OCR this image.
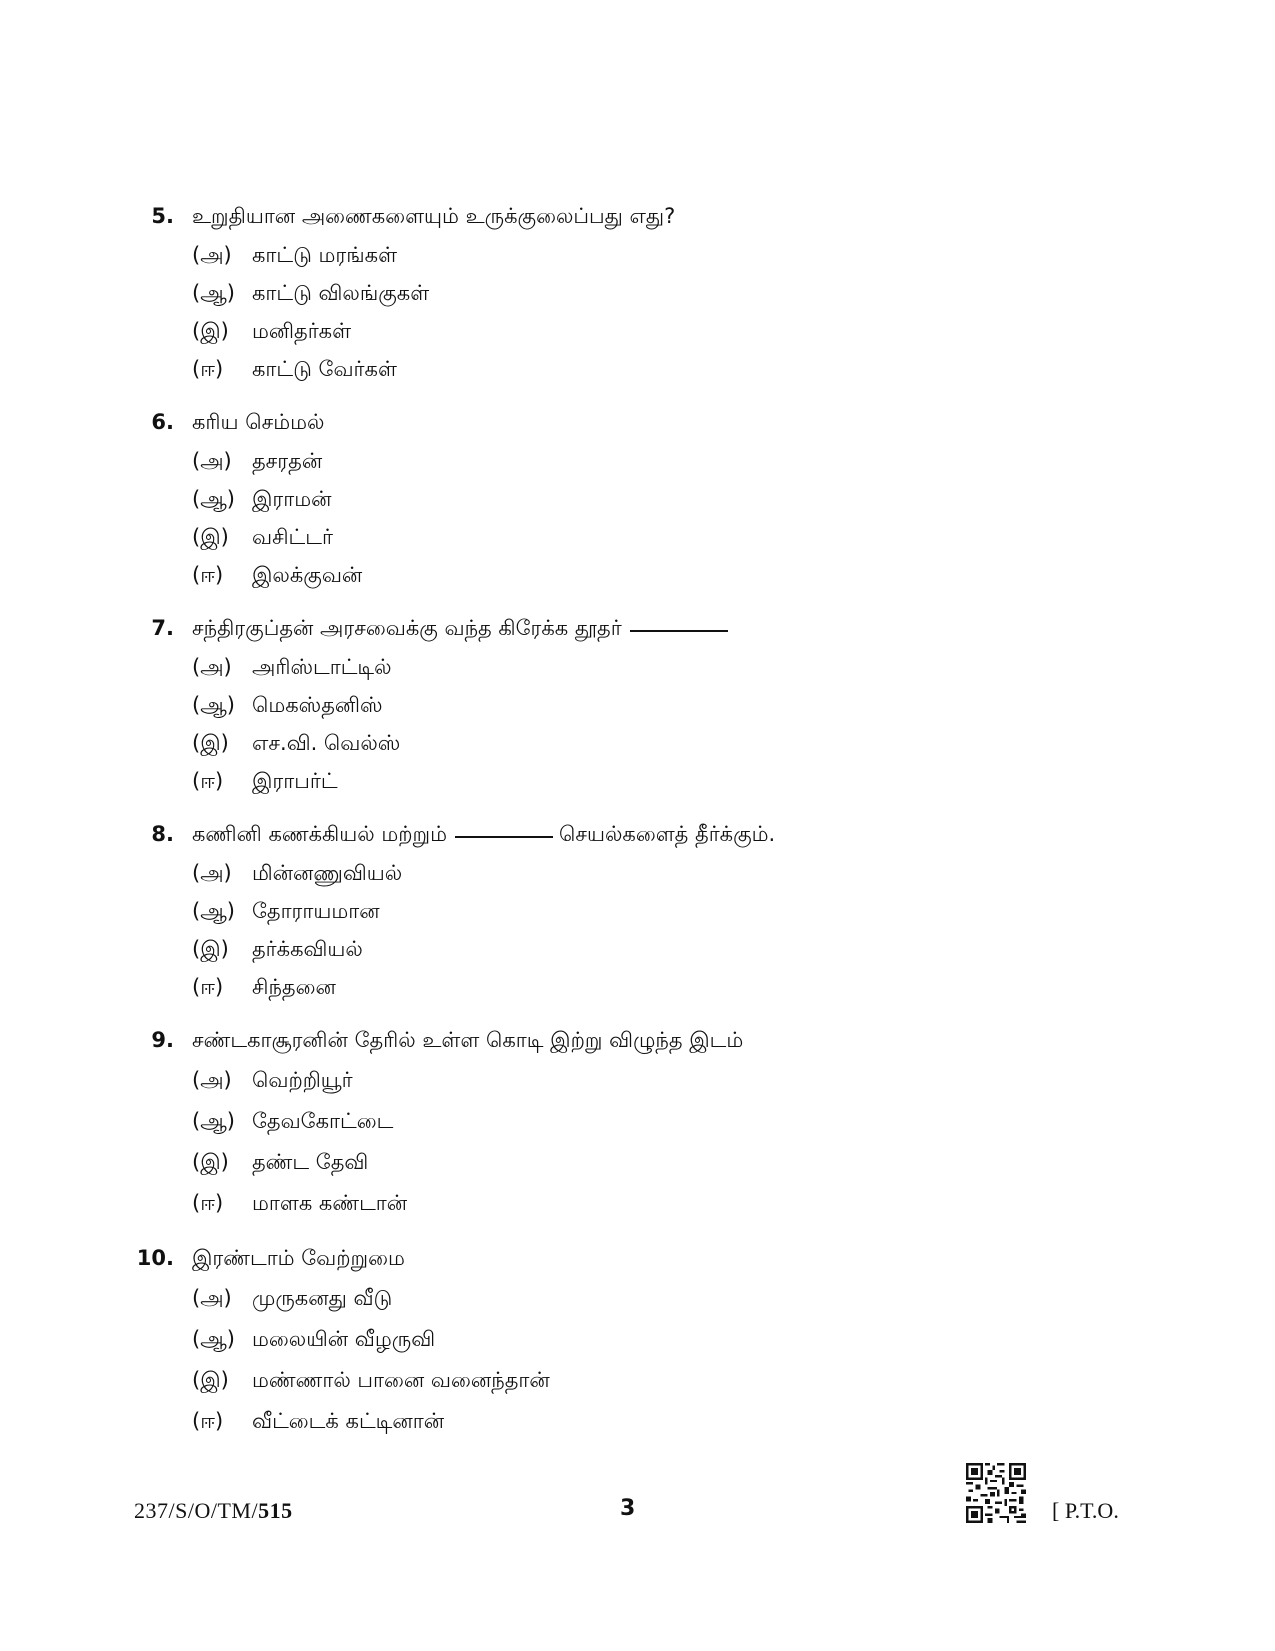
5. உறுதியான அணைகளையும் உருக்குலைப்பது எது?
(அ) காட்டு மரங்கள்
(ஆ) காட்டு விலங்குகள்
(இ)	மனிதர்கள்
(ஈ)	காட்டு வேர்கள்
6. கரிய செம்மல்
(அ) தசரதன்
(ஆ) இராமன்
(இ)	வசிட்டர்
(ஈ)	இலக்குவன்
7. சந்திரகுப்தன் அரசவைக்கு வந்த கிரேக்க தூதர்
(அ) அரிஸ்டாட்டில்
(ஆ) மெகஸ்தனிஸ்
(இ)	எச.வி. வெல்ஸ்
(ஈ)	இராபர்ட்
8. கணினி கணக்கியல் மற்றும்	செயல்களைத் தீர்க்கும்.
(அ) மின்னணுவியல்
(ஆ) தோராயமான
(இ)	தர்க்கவியல்
(ஈ)	சிந்தனை
9. சண்டகாசூரனின் தேரில் உள்ள கொடி இற்று விழுந்த இடம்
(அ) வெற்றியூர்
(ஆ) தேவகோட்டை
(இ)	தண்ட தேவி
(ஈ)	மாளக கண்டான்
10. இரண்டாம் வேற்றுமை
(அ) முருகனது வீடு
(ஆ) மலையின் வீழருவி
(இ)	மண்ணால் பானை வனைந்தான்
(ஈ)	வீட்டைக் கட்டினான்
237/S/O/TM/515	3	[ P.T.O.
